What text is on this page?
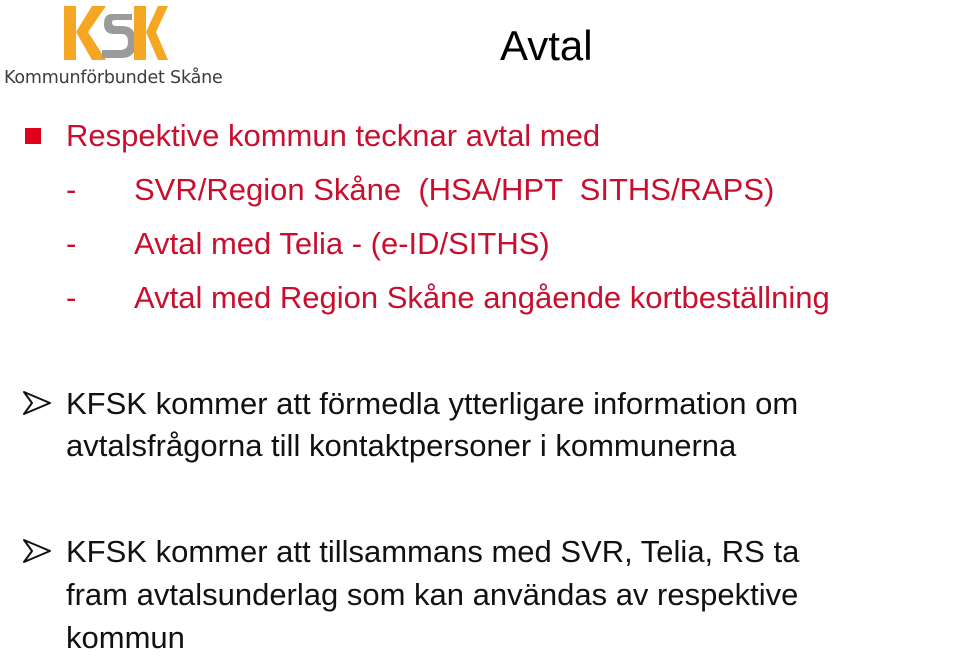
Kommunförbundet Skåne
Avtal
Respektive kommun tecknar avtal med
- SVR/Region Skåne  (HSA/HPT  SITHS/RAPS)
- Avtal med Telia - (e-ID/SITHS)
- Avtal med Region Skåne angående kortbeställning
KFSK kommer att förmedla ytterligare information om
avtalsfrågorna till kontaktpersoner i kommunerna
KFSK kommer att tillsammans med SVR, Telia, RS ta
fram avtalsunderlag som kan användas av respektive
kommun
